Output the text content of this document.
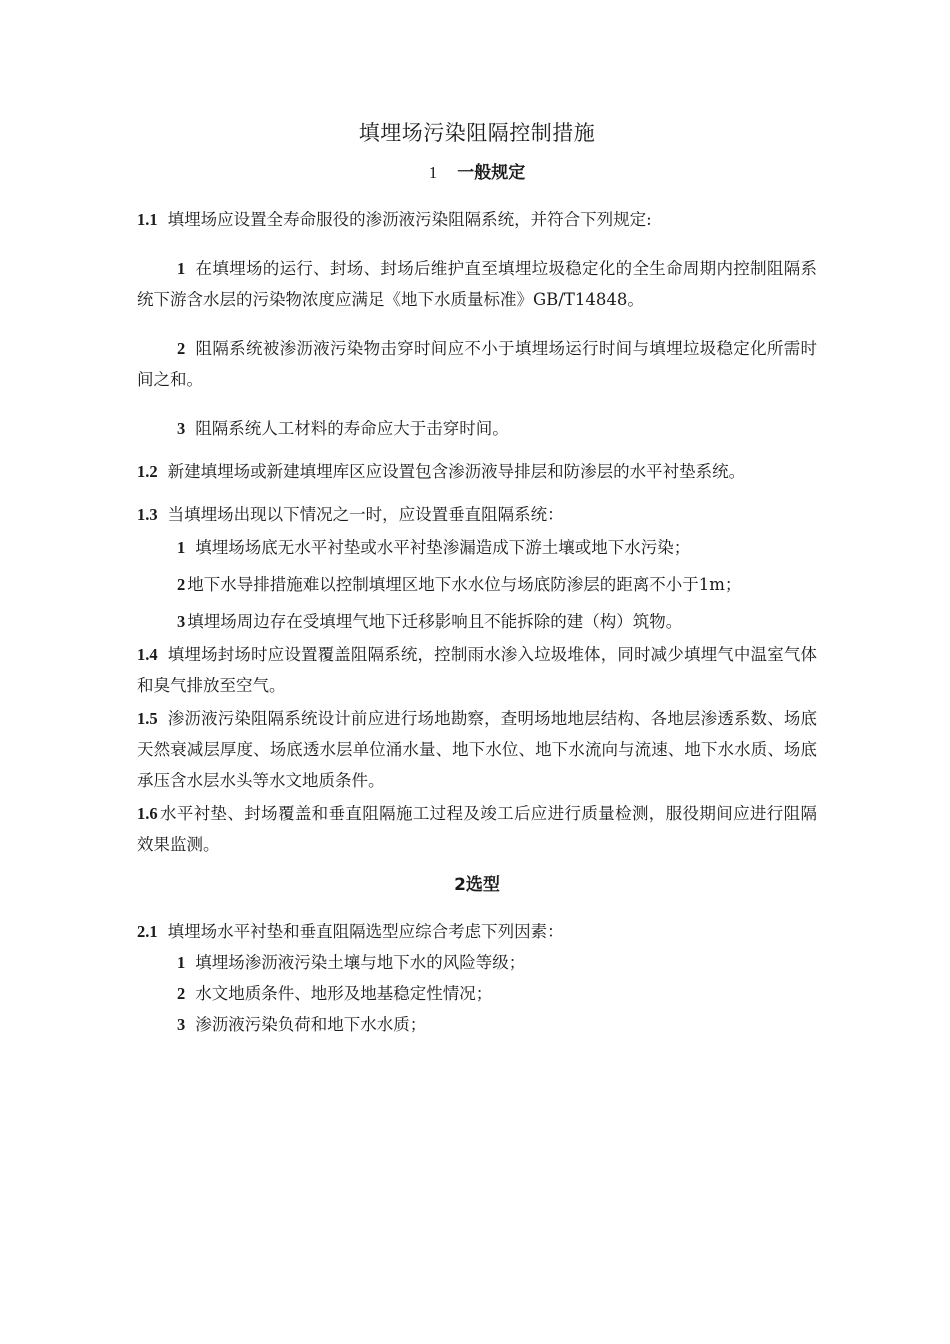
填埋场污染阻隔控制措施
1 一般规定

1.1 填埋场应设置全寿命服役的渗沥液污染阻隔系统，并符合下列规定:

1 在填埋场的运行、封场、封场后维护直至填埋垃圾稳定化的全生命周期内控制阻隔系统下游含水层的污染物浓度应满足《地下水质量标准》GB/T14848。

2 阻隔系统被渗沥液污染物击穿时间应不小于填埋场运行时间与填埋垃圾稳定化所需时间之和。

3 阻隔系统人工材料的寿命应大于击穿时间。

1.2 新建填埋场或新建填埋库区应设置包含渗沥液导排层和防渗层的水平衬垫系统。

1.3 当填埋场出现以下情况之一时，应设置垂直阻隔系统：

1 填埋场场底无水平衬垫或水平衬垫渗漏造成下游土壤或地下水污染；

2 地下水导排措施难以控制填埋区地下水水位与场底防渗层的距离不小于1m；

3 填埋场周边存在受填埋气地下迁移影响且不能拆除的建（构）筑物。

1.4 填埋场封场时应设置覆盖阻隔系统，控制雨水渗入垃圾堆体，同时减少填埋气中温室气体和臭气排放至空气。

1.5 渗沥液污染阻隔系统设计前应进行场地勘察，查明场地地层结构、各地层渗透系数、场底天然衰减层厚度、场底透水层单位涌水量、地下水位、地下水流向与流速、地下水水质、场底承压含水层水头等水文地质条件。

1.6 水平衬垫、封场覆盖和垂直阻隔施工过程及竣工后应进行质量检测，服役期间应进行阻隔效果监测。

2选型

2.1 填埋场水平衬垫和垂直阻隔选型应综合考虑下列因素：

1 填埋场渗沥液污染土壤与地下水的风险等级；

2 水文地质条件、地形及地基稳定性情况；

3 渗沥液污染负荷和地下水水质；
